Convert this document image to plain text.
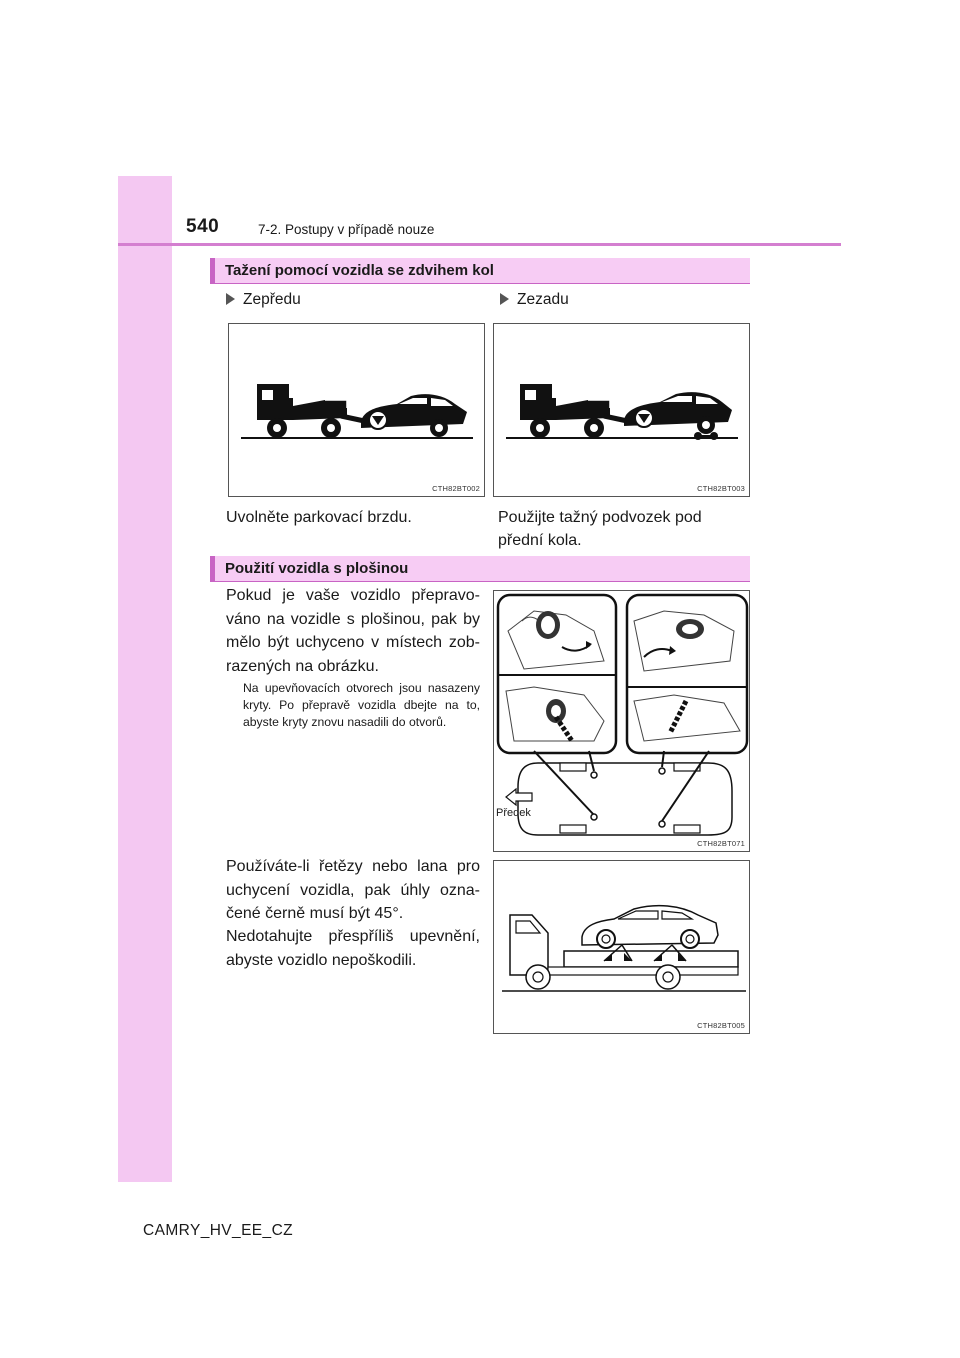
540	7-2. Postupy v případě nouze
Tažení pomocí vozidla se zdvihem kol
Zepředu	Zezadu
CTH82BT002	CTH82BT003
Uvolněte parkovací brzdu.	Použijte tažný podvozek pod
přední kola.
Použití vozidla s plošinou
Pokud je vaše vozidlo přepravováno na vozidle s plošinou, pak by mělo být uchyceno v místech zobrazených na obrázku.
Na upevňovacích otvorech jsou nasazeny kryty. Po přepravě vozidla dbejte na to, abyste kryty znovu nasadili do otvorů.
Předek
CTH82BT071
Používáte-li řetězy nebo lana pro uchycení vozidla, pak úhly označené černě musí být 45°.
Nedotahujte přespříliš upevnění, abyste vozidlo nepoškodili.
CTH82BT005
CAMRY_HV_EE_CZ
